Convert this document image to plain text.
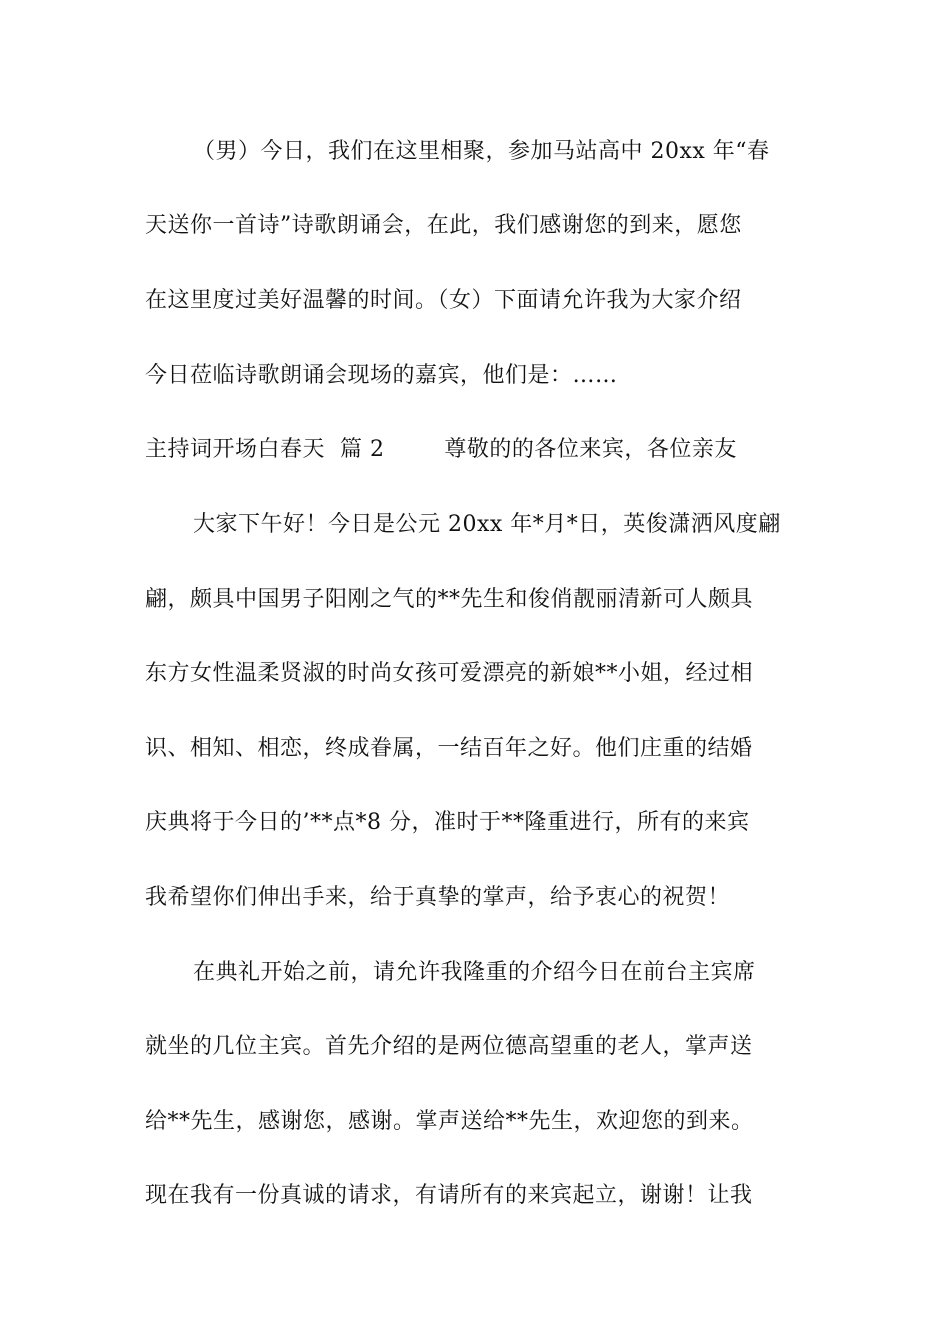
（男）今日，我们在这里相聚，参加马站高中 20xx 年“春
天送你一首诗”诗歌朗诵会，在此，我们感谢您的到来，愿您
在这里度过美好温馨的时间。（女）下面请允许我为大家介绍
今日莅临诗歌朗诵会现场的嘉宾，他们是：……
主持词开场白春天  篇 2        尊敬的的各位来宾，各位亲友
大家下午好！今日是公元 20xx 年*月*日，英俊潇洒风度翩
翩，颇具中国男子阳刚之气的**先生和俊俏靓丽清新可人颇具
东方女性温柔贤淑的时尚女孩可爱漂亮的新娘**小姐，经过相
识、相知、相恋，终成眷属，一结百年之好。他们庄重的结婚
庆典将于今日的’**点*8 分，准时于**隆重进行，所有的来宾
我希望你们伸出手来，给于真挚的掌声，给予衷心的祝贺！
在典礼开始之前，请允许我隆重的介绍今日在前台主宾席
就坐的几位主宾。首先介绍的是两位德高望重的老人，掌声送
给**先生，感谢您，感谢。掌声送给**先生，欢迎您的到来。
现在我有一份真诚的请求，有请所有的来宾起立，谢谢！让我
